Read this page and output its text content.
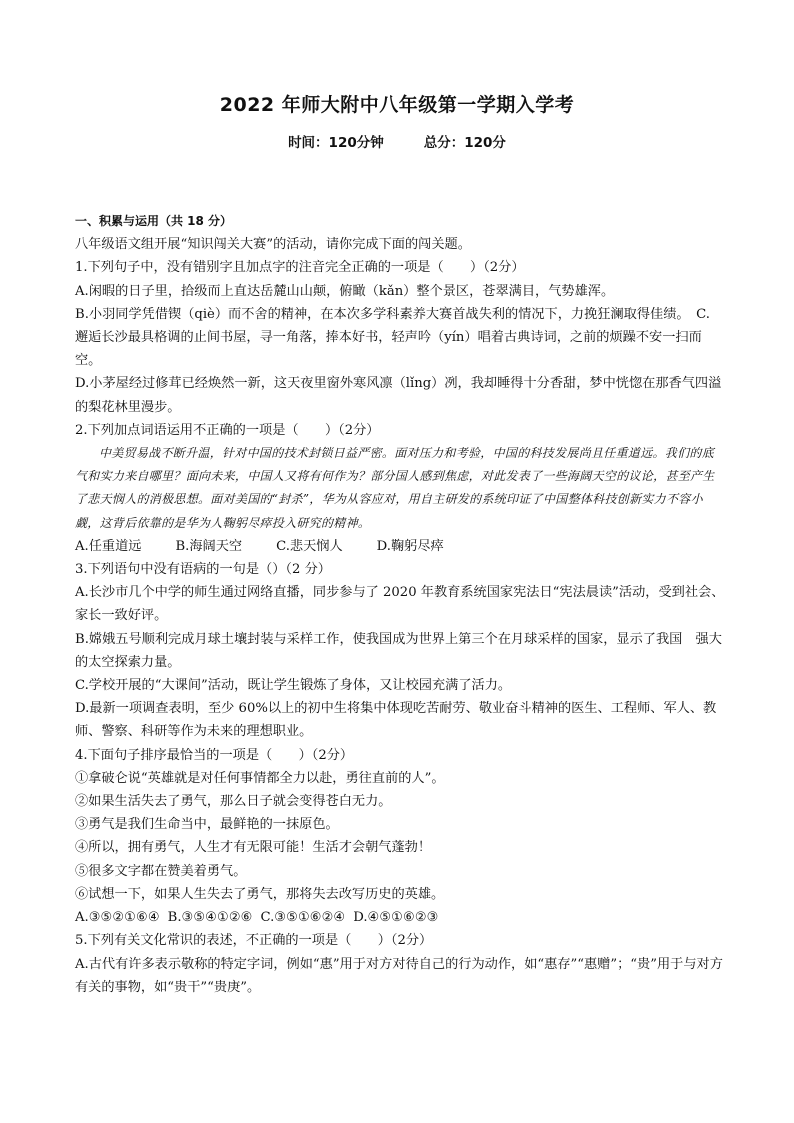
2022 年师大附中八年级第一学期入学考
时间：120分钟	总分：120分

一、积累与运用（共 18 分）

八年级语文组开展“知识闯关大赛”的活动，请你完成下面的闯关题。

1.下列句子中，没有错别字且加点字的注音完全正确的一项是（　　）（2分）

A.闲暇的日子里，拾级而上直达岳麓山山颠，俯瞰（kǎn）整个景区，苍翠满目，气势雄浑。

B.小羽同学凭借锲（qiè）而不舍的精神，在本次多学科素养大赛首战失利的情况下，力挽狂澜取得佳绩。　C.

邂逅长沙最具格调的止间书屋，寻一角落，捧本好书，轻声吟（yín）唱着古典诗词，之前的烦躁不安一扫而空。

D.小茅屋经过修茸已经焕然一新，这天夜里窗外寒风凛（lǐng）冽，我却睡得十分香甜，梦中恍惚在那香气四溢的梨花林里漫步。

2.下列加点词语运用不正确的一项是（　　）（2分）

中美贸易战不断升温，针对中国的技术封锁日益严密。面对压力和考验，中国的科技发展尚且任重道远。我们的底气和实力来自哪里？面向未来，中国人又将有何作为？部分国人感到焦虑，对此发表了一些海阔天空的议论，甚至产生了悲天悯人的消极思想。面对美国的“封杀”，华为从容应对，用自主研发的系统印证了中国整体科技创新实力不容小觑，这背后依靠的是华为人鞠躬尽瘁投入研究的精神。

A.任重道远	B.海阔天空	C.悲天悯人	D.鞠躬尽瘁

3.下列语句中没有语病的一句是（）（2 分）

A.长沙市几个中学的师生通过网络直播，同步参与了 2020 年教育系统国家宪法日“宪法晨读”活动，受到社会、家长一致好评。

B.嫦娥五号顺利完成月球土壤封装与采样工作，使我国成为世界上第三个在月球采样的国家，显示了我国　强大的太空探索力量。

C.学校开展的“大课间”活动，既让学生锻炼了身体，又让校园充满了活力。

D.最新一项调查表明，至少 60%以上的初中生将集中体现吃苦耐劳、敬业奋斗精神的医生、工程师、军人、教师、警察、科研等作为未来的理想职业。

4.下面句子排序最恰当的一项是（　　）（2分）

①拿破仑说“英雄就是对任何事情都全力以赴，勇往直前的人”。

②如果生活失去了勇气，那么日子就会变得苍白无力。

③勇气是我们生命当中，最鲜艳的一抹原色。

④所以，拥有勇气，人生才有无限可能！生活才会朝气蓬勃！

⑤很多文字都在赞美着勇气。

⑥试想一下，如果人生失去了勇气，那将失去改写历史的英雄。

A.③⑤②①⑥④ B.③⑤④①②⑥ C.③⑤①⑥②④ D.④⑤①⑥②③

5.下列有关文化常识的表述，不正确的一项是（　　）（2分）

A.古代有许多表示敬称的特定字词，例如“惠”用于对方对待自己的行为动作，如“惠存”“惠赠”；“贵”用于与对方有关的事物，如“贵干”“贵庚”。
